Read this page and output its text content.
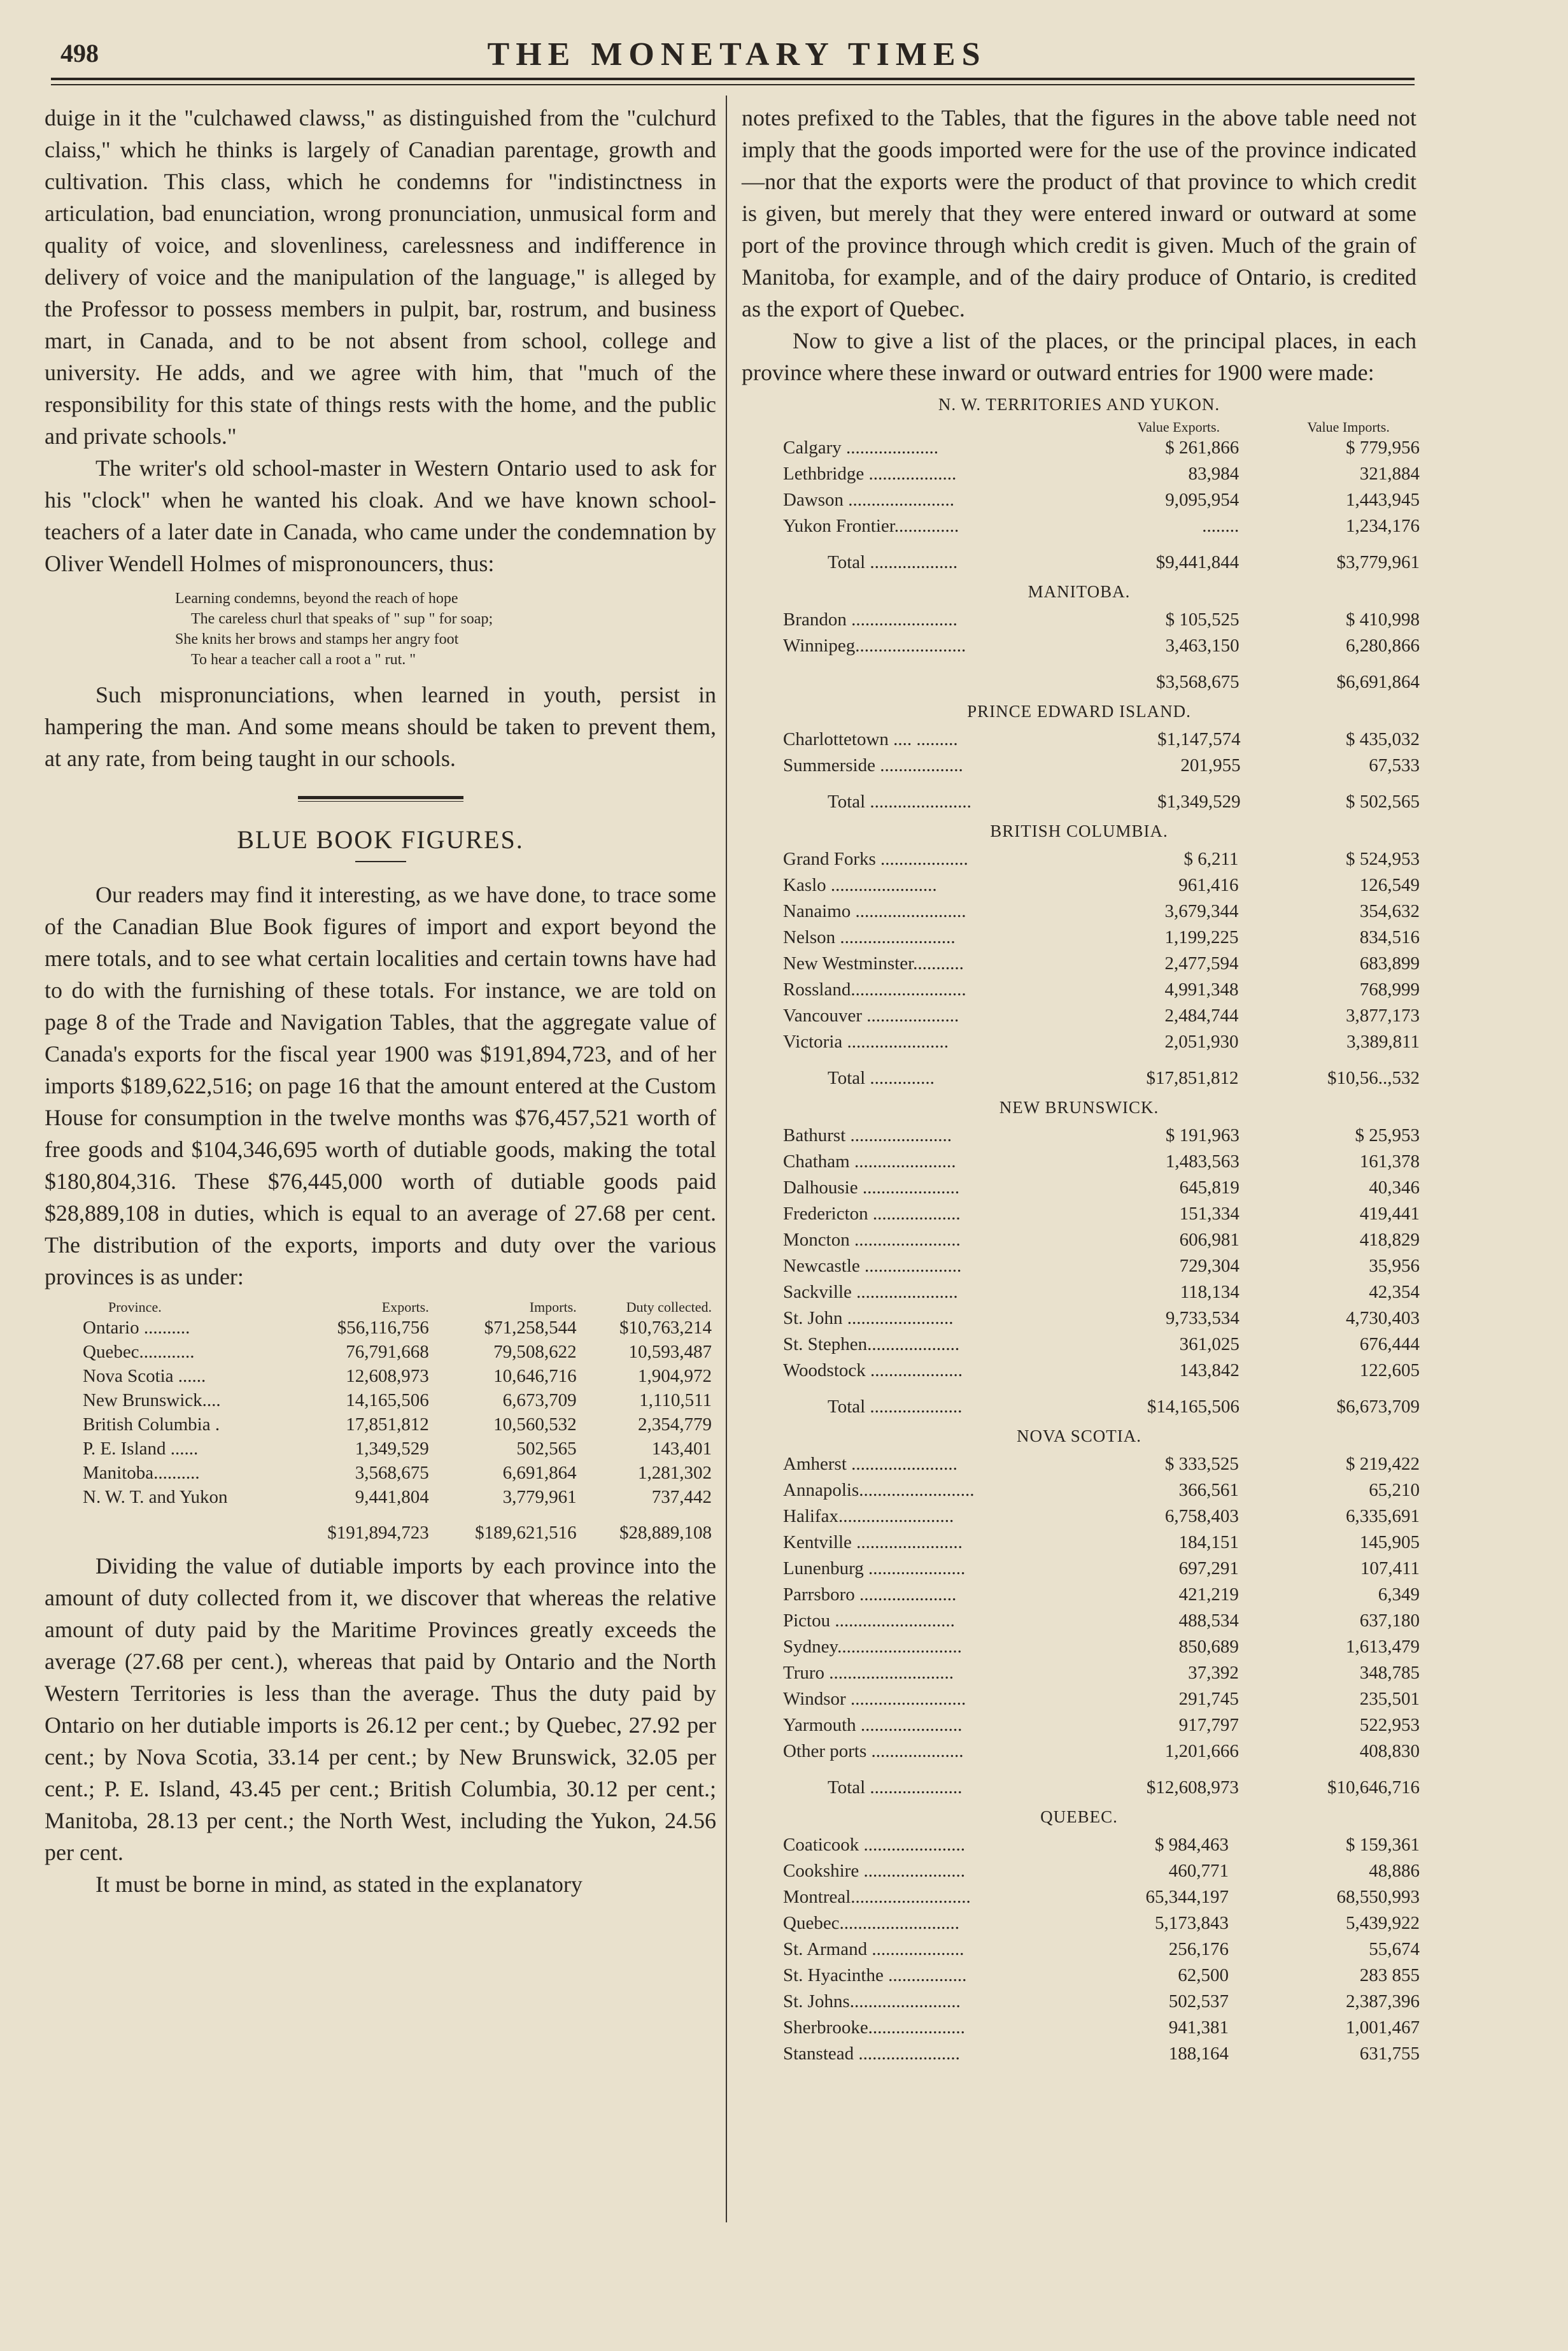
498	THE MONETARY TIMES

duige in it the "culchawed clawss," as distinguished from the "culchurd claiss," which he thinks is largely of Canadian parentage, growth and cultivation. This class, which he condemns for "indistinctness in articulation, bad enunciation, wrong pronunciation, unmusical form and quality of voice, and slovenliness, carelessness and indifference in delivery of voice and the manipulation of the language," is alleged by the Professor to possess members in pulpit, bar, rostrum, and business mart, in Canada, and to be not absent from school, college and university. He adds, and we agree with him, that "much of the responsibility for this state of things rests with the home, and the public and private schools."

The writer's old school-master in Western Ontario used to ask for his "clock" when he wanted his cloak. And we have known school-teachers of a later date in Canada, who came under the condemnation by Oliver Wendell Holmes of mispronouncers, thus:

Learning condemns, beyond the reach of hope
The careless churl that speaks of " sup " for soap;
She knits her brows and stamps her angry foot
To hear a teacher call a root a " rut. "

Such mispronunciations, when learned in youth, persist in hampering the man. And some means should be taken to prevent them, at any rate, from being taught in our schools.

BLUE BOOK FIGURES.

Our readers may find it interesting, as we have done, to trace some of the Canadian Blue Book figures of import and export beyond the mere totals, and to see what certain localities and certain towns have had to do with the furnishing of these totals. For instance, we are told on page 8 of the Trade and Navigation Tables, that the aggregate value of Canada's exports for the fiscal year 1900 was $191,894,723, and of her imports $189,622,516; on page 16 that the amount entered at the Custom House for consumption in the twelve months was $76,457,521 worth of free goods and $104,346,695 worth of dutiable goods, making the total $180,804,316. These $76,445,000 worth of dutiable goods paid $28,889,108 in duties, which is equal to an average of 27.68 per cent. The distribution of the exports, imports and duty over the various provinces is as under:

Province.	Exports.	Imports.	Duty collected.
Ontario ..........	$56,116,756	$71,258,544	$10,763,214
Quebec............	76,791,668	79,508,622	10,593,487
Nova Scotia ......	12,608,973	10,646,716	1,904,972
New Brunswick....	14,165,506	6,673,709	1,110,511
British Columbia .	17,851,812	10,560,532	2,354,779
P. E. Island ......	1,349,529	502,565	143,401
Manitoba..........	3,568,675	6,691,864	1,281,302
N. W. T. and Yukon	9,441,804	3,779,961	737,442
	$191,894,723	$189,621,516	$28,889,108

Dividing the value of dutiable imports by each province into the amount of duty collected from it, we discover that whereas the relative amount of duty paid by the Maritime Provinces greatly exceeds the average (27.68 per cent.), whereas that paid by Ontario and the North Western Territories is less than the average. Thus the duty paid by Ontario on her dutiable imports is 26.12 per cent.; by Quebec, 27.92 per cent.; by Nova Scotia, 33.14 per cent.; by New Brunswick, 32.05 per cent.; P. E. Island, 43.45 per cent.; British Columbia, 30.12 per cent.; Manitoba, 28.13 per cent.; the North West, including the Yukon, 24.56 per cent.

It must be borne in mind, as stated in the explanatory

notes prefixed to the Tables, that the figures in the above table need not imply that the goods imported were for the use of the province indicated—nor that the exports were the product of that province to which credit is given, but merely that they were entered inward or outward at some port of the province through which credit is given. Much of the grain of Manitoba, for example, and of the dairy produce of Ontario, is credited as the export of Quebec.

Now to give a list of the places, or the principal places, in each province where these inward or outward entries for 1900 were made:

N. W. TERRITORIES AND YUKON.
	Value Exports.	Value Imports.
Calgary ....................	$ 261,866	$ 779,956
Lethbridge ...................	83,984	321,884
Dawson .......................	9,095,954	1,443,945
Yukon Frontier..............	........	1,234,176
Total ...................	$9,441,844	$3,779,961
MANITOBA.
Brandon .......................	$ 105,525	$ 410,998
Winnipeg........................	3,463,150	6,280,866
	$3,568,675	$6,691,864
PRINCE EDWARD ISLAND.
Charlottetown .... .........	$1,147,574	$ 435,032
Summerside ..................	201,955	67,533
Total ......................	$1,349,529	$ 502,565
BRITISH COLUMBIA.
Grand Forks ...................	$ 6,211	$ 524,953
Kaslo .......................	961,416	126,549
Nanaimo ........................	3,679,344	354,632
Nelson .........................	1,199,225	834,516
New Westminster...........	2,477,594	683,899
Rossland.........................	4,991,348	768,999
Vancouver ....................	2,484,744	3,877,173
Victoria ......................	2,051,930	3,389,811
Total ..............	$17,851,812	$10,56..,532
NEW BRUNSWICK.
Bathurst ......................	$ 191,963	$ 25,953
Chatham ......................	1,483,563	161,378
Dalhousie .....................	645,819	40,346
Fredericton ...................	151,334	419,441
Moncton .......................	606,981	418,829
Newcastle .....................	729,304	35,956
Sackville ......................	118,134	42,354
St. John .......................	9,733,534	4,730,403
St. Stephen....................	361,025	676,444
Woodstock ....................	143,842	122,605
Total ....................	$14,165,506	$6,673,709
NOVA SCOTIA.
Amherst .......................	$ 333,525	$ 219,422
Annapolis.........................	366,561	65,210
Halifax.........................	6,758,403	6,335,691
Kentville .......................	184,151	145,905
Lunenburg .....................	697,291	107,411
Parrsboro .....................	421,219	6,349
Pictou ..........................	488,534	637,180
Sydney...........................	850,689	1,613,479
Truro ...........................	37,392	348,785
Windsor .........................	291,745	235,501
Yarmouth ......................	917,797	522,953
Other ports ....................	1,201,666	408,830
Total ....................	$12,608,973	$10,646,716
QUEBEC.
Coaticook ......................	$ 984,463	$ 159,361
Cookshire ......................	460,771	48,886
Montreal..........................	65,344,197	68,550,993
Quebec..........................	5,173,843	5,439,922
St. Armand ....................	256,176	55,674
St. Hyacinthe .................	62,500	283 855
St. Johns........................	502,537	2,387,396
Sherbrooke.....................	941,381	1,001,467
Stanstead ......................	188,164	631,755
